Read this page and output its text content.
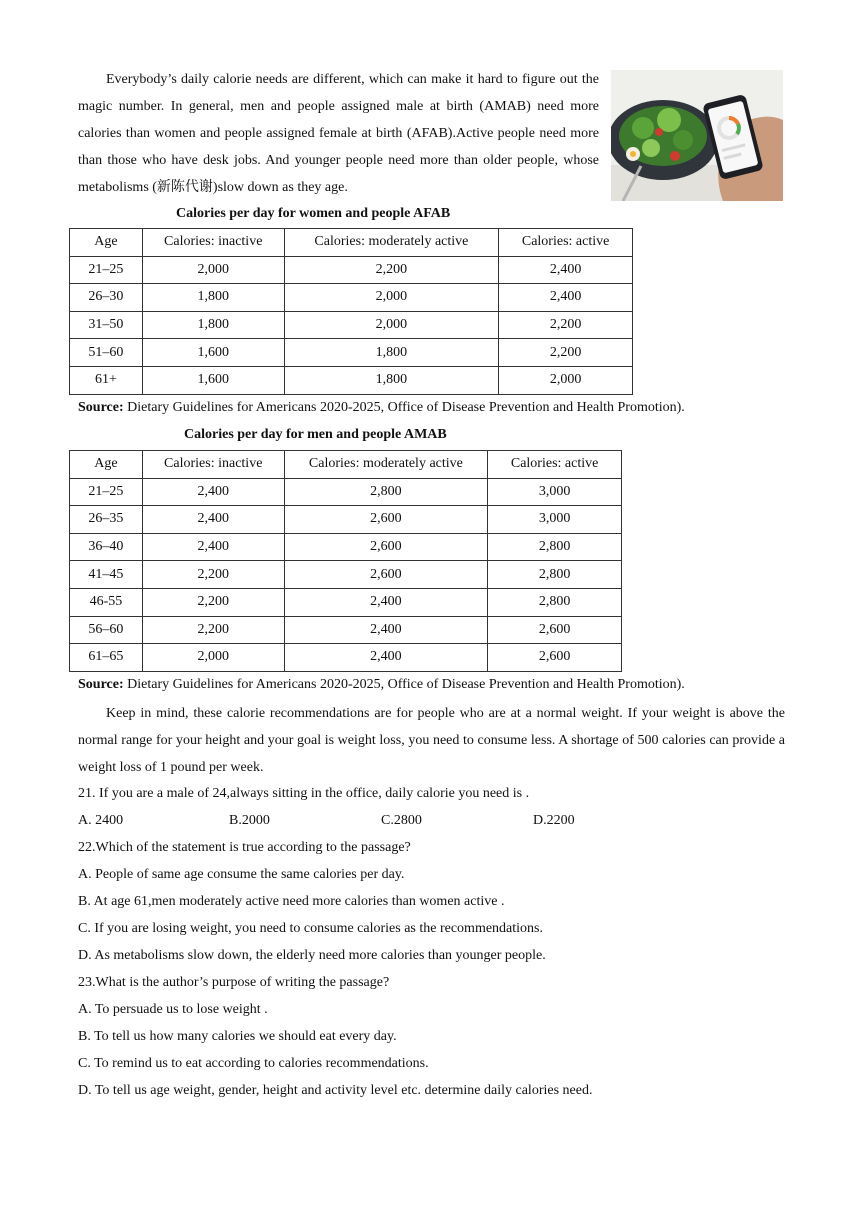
Everybody’s daily calorie needs are different, which can make it hard to figure out the magic number. In general, men and people assigned male at birth (AMAB) need more calories than women and people assigned female at birth (AFAB).Active people need more than those who have desk jobs. And younger people need more than older people, whose metabolisms (新陈代谢)slow down as they age.

Calories per day for women and people AFAB

Age	Calories: inactive	Calories: moderately active	Calories: active
21–25	2,000	2,200	2,400
26–30	1,800	2,000	2,400
31–50	1,800	2,000	2,200
51–60	1,600	1,800	2,200
61+	1,600	1,800	2,000

Source: Dietary Guidelines for Americans 2020-2025, Office of Disease Prevention and Health Promotion).

Calories per day for men and people AMAB

Age	Calories: inactive	Calories: moderately active	Calories: active
21–25	2,400	2,800	3,000
26–35	2,400	2,600	3,000
36–40	2,400	2,600	2,800
41–45	2,200	2,600	2,800
46-55	2,200	2,400	2,800
56–60	2,200	2,400	2,600
61–65	2,000	2,400	2,600

Source: Dietary Guidelines for Americans 2020-2025, Office of Disease Prevention and Health Promotion).

Keep in mind, these calorie recommendations are for people who are at a normal weight. If your weight is above the normal range for your height and your goal is weight loss, you need to consume less. A shortage of 500 calories can provide a weight loss of 1 pound per week.

21. If you are a male of 24,always sitting in the office, daily calorie you need is .

A. 2400	B.2000	C.2800	D.2200

22.Which of the statement is true according to the passage?

A. People of same age consume the same calories per day.

B. At age 61,men moderately active need more calories than women active .

C. If you are losing weight, you need to consume calories as the recommendations.

D. As metabolisms slow down, the elderly need more calories than younger people.

23.What is the author’s purpose of writing the passage?

A. To persuade us to lose weight .

B. To tell us how many calories we should eat every day.

C. To remind us to eat according to calories recommendations.

D. To tell us age weight, gender, height and activity level etc. determine daily calories need.
